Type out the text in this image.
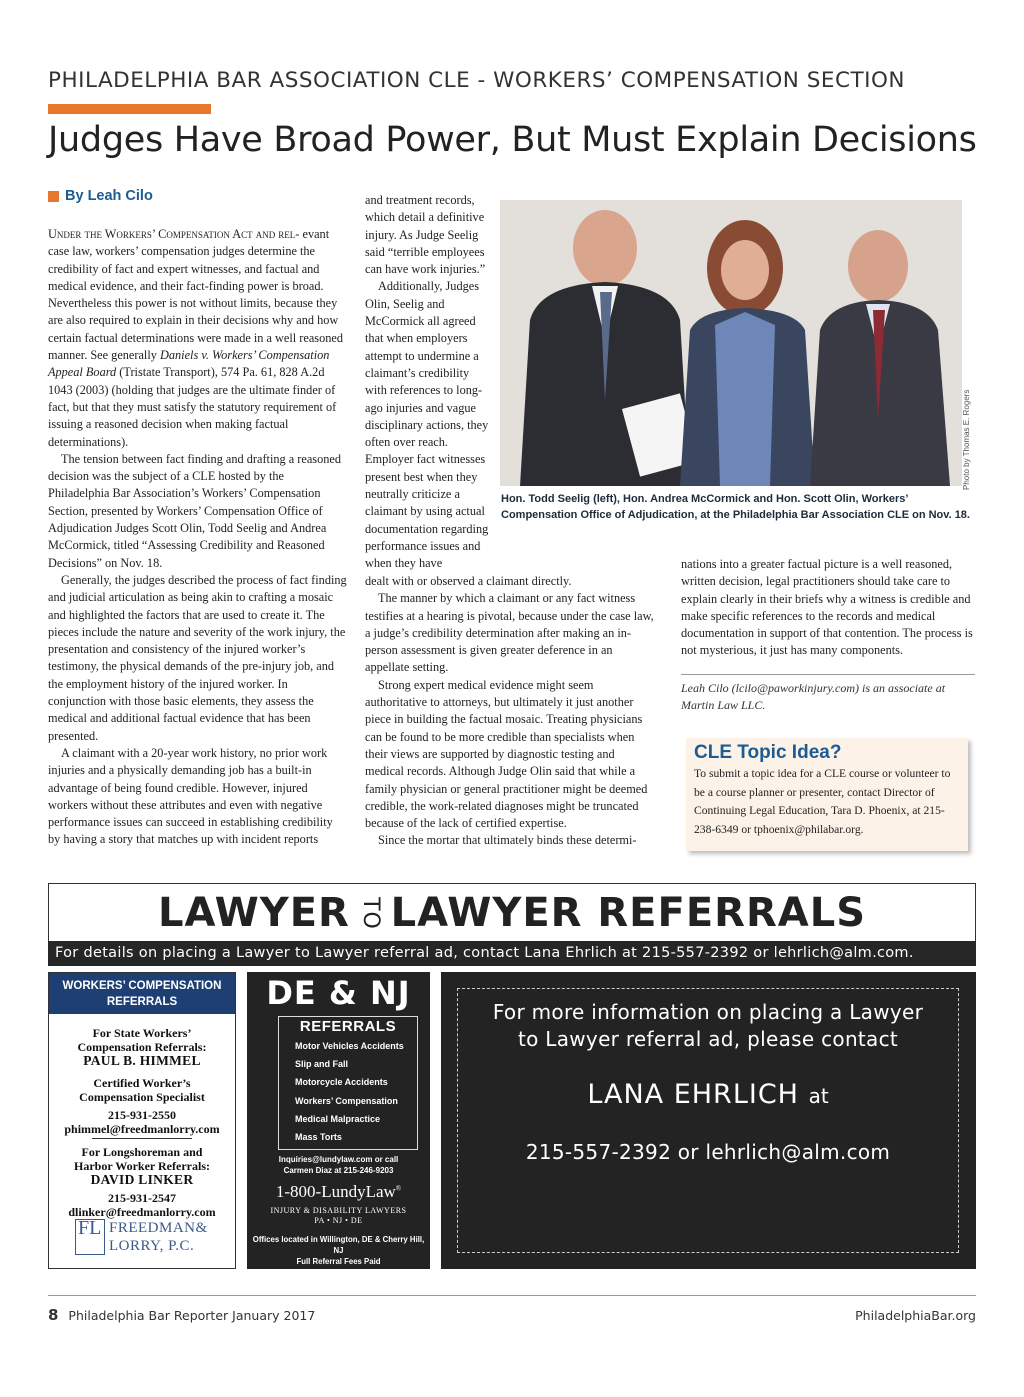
PHILADELPHIA BAR ASSOCIATION CLE - WORKERS’ COMPENSATION SECTION
Judges Have Broad Power, But Must Explain Decisions
By Leah Cilo

Under the Workers’ Compensation Act and rel- evant case law, workers’ compensation judges determine the credibility of fact and expert witnesses, and factual and medical evidence, and their fact-finding power is broad. Nevertheless this power is not without limits, because they are also required to explain in their decisions why and how certain factual determinations were made in a well reasoned manner. See generally Daniels v. Workers’ Compensation Appeal Board (Tristate Transport), 574 Pa. 61, 828 A.2d 1043 (2003) (holding that judges are the ultimate finder of fact, but that they must satisfy the statutory requirement of issuing a reasoned decision when making factual determinations).

The tension between fact finding and drafting a reasoned decision was the subject of a CLE hosted by the Philadelphia Bar Association’s Workers’ Compensation Section, presented by Workers’ Compensation Office of Adjudication Judges Scott Olin, Todd Seelig and Andrea McCormick, titled “Assessing Credibility and Reasoned Decisions” on Nov. 18.

Generally, the judges described the process of fact finding and judicial articulation as being akin to crafting a mosaic and highlighted the factors that are used to create it. The pieces include the nature and severity of the work injury, the presentation and consistency of the injured worker’s testimony, the physical demands of the pre-injury job, and the employment history of the injured worker. In conjunction with those basic elements, they assess the medical and additional factual evidence that has been presented.

A claimant with a 20-year work history, no prior work injuries and a physically demanding job has a built-in advantage of being found credible. However, injured workers without these attributes and even with negative performance issues can succeed in establishing credibility by having a story that matches up with incident reports

and treatment records, which detail a definitive injury. As Judge Seelig said “terrible employees can have work injuries.”

Additionally, Judges Olin, Seelig and McCormick all agreed that when employers attempt to undermine a claimant’s credibility with references to long-ago injuries and vague disciplinary actions, they often over reach. Employer fact witnesses present best when they neutrally criticize a claimant by using actual documentation regarding performance issues and when they have

dealt with or observed a claimant directly.

The manner by which a claimant or any fact witness testifies at a hearing is pivotal, because under the case law, a judge’s credibility determination after making an in-person assessment is given greater deference in an appellate setting.

Strong expert medical evidence might seem authoritative to attorneys, but ultimately it just another piece in building the factual mosaic. Treating physicians can be found to be more credible than specialists when their views are supported by diagnostic testing and medical records. Although Judge Olin said that while a family physician or general practitioner might be deemed credible, the work-related diagnoses might be truncated because of the lack of certified expertise.

Since the mortar that ultimately binds these determi-

Photo by Thomas E. Rogers
Hon. Todd Seelig (left), Hon. Andrea McCormick and Hon. Scott Olin, Workers’ Compensation Office of Adjudication, at the Philadelphia Bar Association CLE on Nov. 18.

nations into a greater factual picture is a well reasoned, written decision, legal practitioners should take care to explain clearly in their briefs why a witness is credible and make specific references to the records and medical documentation in support of that contention. The process is not mysterious, it just has many components.

Leah Cilo (lcilo@paworkinjury.com) is an associate at Martin Law LLC.
CLE Topic Idea?
To submit a topic idea for a CLE course or volunteer to be a course planner or presenter, contact Director of Continuing Legal Education, Tara D. Phoenix, at 215-238-6349 or tphoenix@philabar.org.
LAWYER TO LAWYER REFERRALS
For details on placing a Lawyer to Lawyer referral ad, contact Lana Ehrlich at 215-557-2392 or lehrlich@alm.com.
WORKERS’ COMPENSATION
REFERRALS
For State Workers’
Compensation Referrals:
PAUL B. HIMMEL
Certified Worker’s
Compensation Specialist
215-931-2550
phimmel@freedmanlorry.com
For Longshoreman and
Harbor Worker Referrals:
DAVID LINKER
215-931-2547
dlinker@freedmanlorry.com
FL FREEDMAN&
LORRY, P.C.
DE & NJ
REFERRALS
Motor Vehicles Accidents
Slip and Fall
Motorcycle Accidents
Workers’ Compensation
Medical Malpractice
Mass Torts
Inquiries@lundylaw.com or call
Carmen Diaz at 215-246-9203
1-800-LundyLaw®
INJURY & DISABILITY LAWYERS
PA • NJ • DE
Offices located in Willington, DE & Cherry Hill, NJ
Full Referral Fees Paid
For more information on placing a Lawyer to Lawyer referral ad, please contact
LANA EHRLICH at
215-557-2392 or lehrlich@alm.com
8 Philadelphia Bar Reporter January 2017	PhiladelphiaBar.org
